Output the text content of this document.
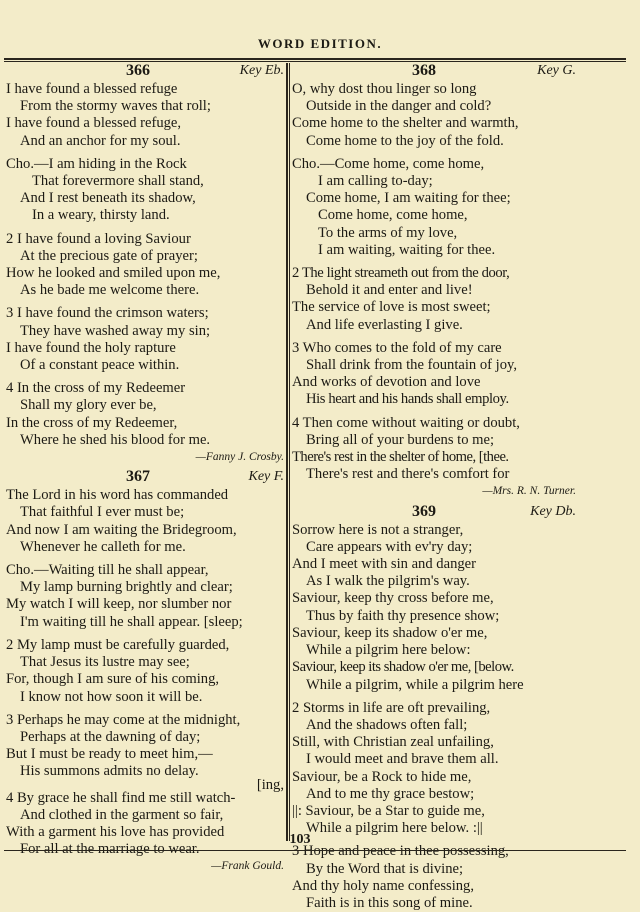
WORD EDITION.
366	Key Eb.
I have found a blessed refuge
From the stormy waves that roll;
I have found a blessed refuge,
And an anchor for my soul.
Cho.—I am hiding in the Rock
That forevermore shall stand,
And I rest beneath its shadow,
In a weary, thirsty land.
2 I have found a loving Saviour
At the precious gate of prayer;
How he looked and smiled upon me,
As he bade me welcome there.
3 I have found the crimson waters;
They have washed away my sin;
I have found the holy rapture
Of a constant peace within.
4 In the cross of my Redeemer
Shall my glory ever be,
In the cross of my Redeemer,
Where he shed his blood for me.
—Fanny J. Crosby.
367	Key F.
The Lord in his word has commanded
That faithful I ever must be;
And now I am waiting the Bridegroom,
Whenever he calleth for me.
Cho.—Waiting till he shall appear,
My lamp burning brightly and clear;
My watch I will keep, nor slumber nor
I'm waiting till he shall appear. [sleep;
2 My lamp must be carefully guarded,
That Jesus its lustre may see;
For, though I am sure of his coming,
I know not how soon it will be.
3 Perhaps he may come at the midnight,
Perhaps at the dawning of day;
But I must be ready to meet him,—
His summons admits no delay.
[ing,
4 By grace he shall find me still watch-
And clothed in the garment so fair,
With a garment his love has provided
For all at the marriage to wear.
—Frank Gould.
368	Key G.
O, why dost thou linger so long
Outside in the danger and cold?
Come home to the shelter and warmth,
Come home to the joy of the fold.
Cho.—Come home, come home,
I am calling to-day;
Come home, I am waiting for thee;
Come home, come home,
To the arms of my love,
I am waiting, waiting for thee.
2 The light streameth out from the door,
Behold it and enter and live!
The service of love is most sweet;
And life everlasting I give.
3 Who comes to the fold of my care
Shall drink from the fountain of joy,
And works of devotion and love
His heart and his hands shall employ.
4 Then come without waiting or doubt,
Bring all of your burdens to me;
There's rest in the shelter of home, [thee.
There's rest and there's comfort for
—Mrs. R. N. Turner.
369	Key Db.
Sorrow here is not a stranger,
Care appears with ev'ry day;
And I meet with sin and danger
As I walk the pilgrim's way.
Saviour, keep thy cross before me,
Thus by faith thy presence show;
Saviour, keep its shadow o'er me,
While a pilgrim here below:
Saviour, keep its shadow o'er me, [below.
While a pilgrim, while a pilgrim here
2 Storms in life are oft prevailing,
And the shadows often fall;
Still, with Christian zeal unfailing,
I would meet and brave them all.
Saviour, be a Rock to hide me,
And to me thy grace bestow;
||: Saviour, be a Star to guide me,
While a pilgrim here below. :||
3 Hope and peace in thee possessing,
By the Word that is divine;
And thy holy name confessing,
Faith is in this song of mine.
103
